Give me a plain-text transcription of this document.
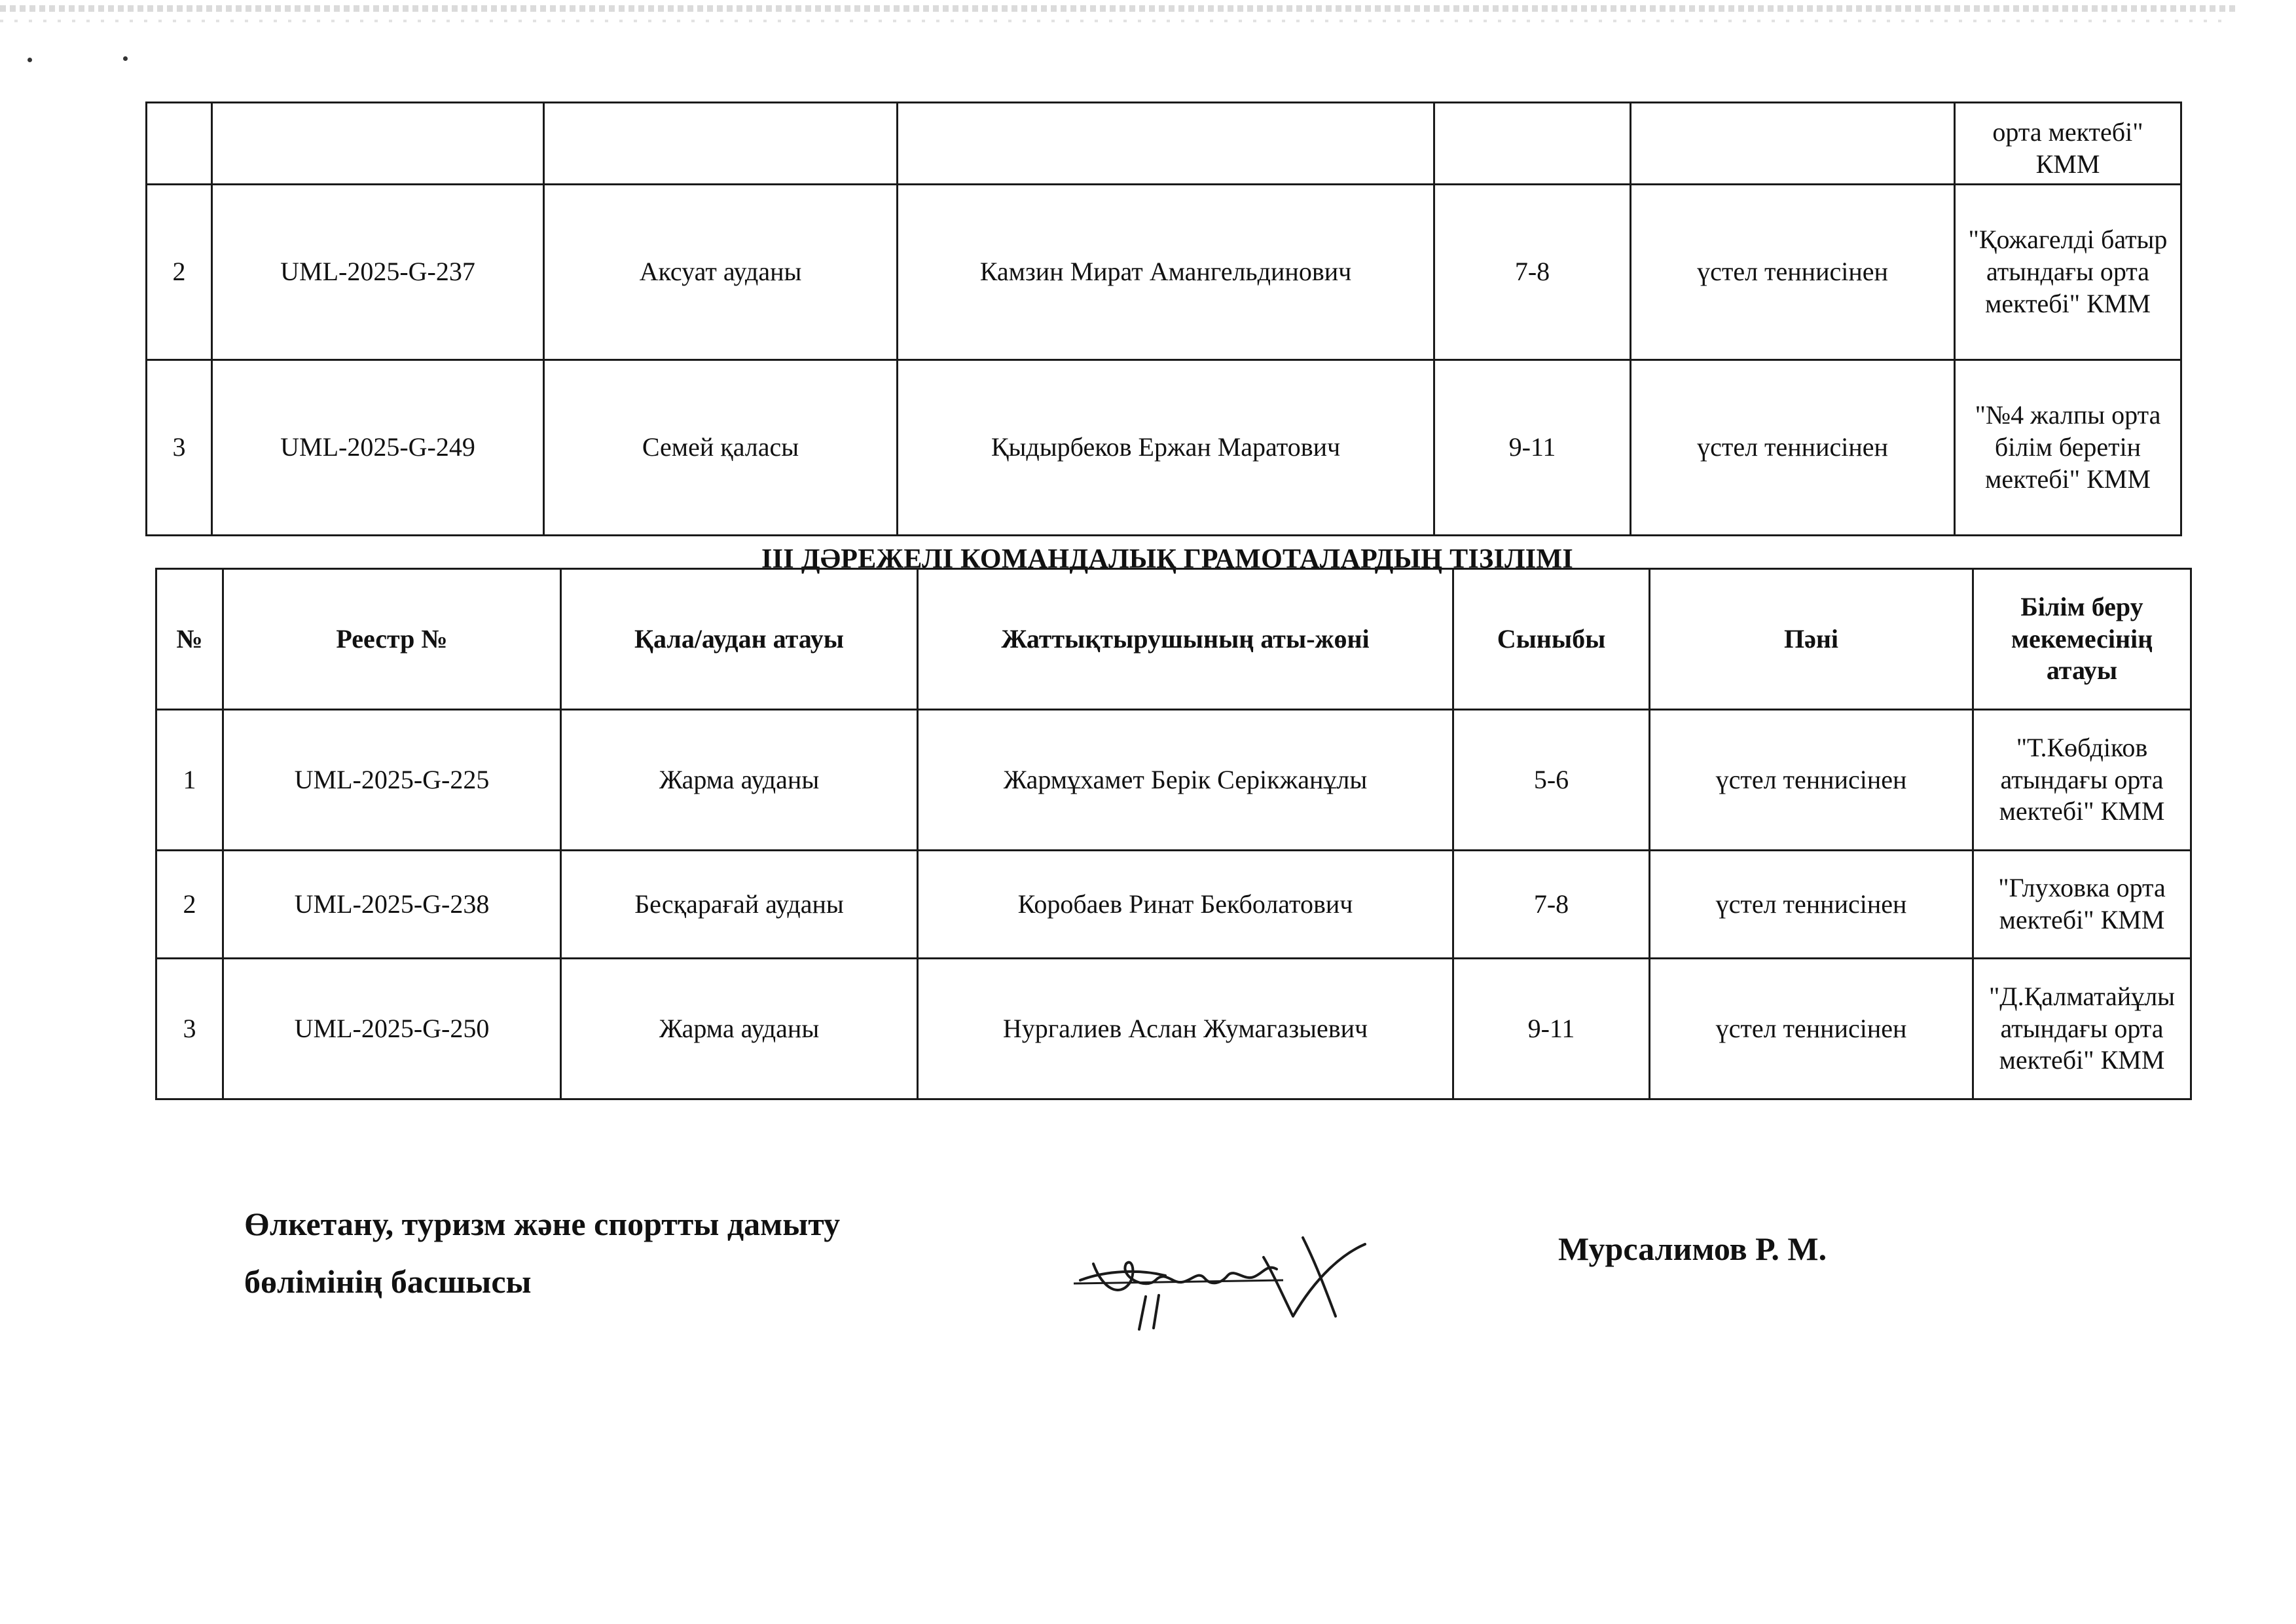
						орта мектебі" КММ
2	UML-2025-G-237	Аксуат ауданы	Камзин Мират Амангельдинович	7-8	үстел теннисінен	"Қожагелді батыр атындағы орта мектебі" КММ
3	UML-2025-G-249	Семей қаласы	Қыдырбеков Ержан Маратович	9-11	үстел теннисінен	"№4 жалпы орта білім беретін мектебі" КММ
III ДӘРЕЖЕЛІ КОМАНДАЛЫҚ ГРАМОТАЛАРДЫҢ ТІЗІЛІМІ
№	Реестр №	Қала/аудан атауы	Жаттықтырушының аты-жөні	Сыныбы	Пәні	Білім беру мекемесінің атауы
1	UML-2025-G-225	Жарма ауданы	Жармұхамет Берік Серікжанұлы	5-6	үстел теннисінен	"Т.Көбдіков атындағы орта мектебі" КММ
2	UML-2025-G-238	Бесқарағай ауданы	Коробаев Ринат Бекболатович	7-8	үстел теннисінен	"Глуховка орта мектебі" КММ
3	UML-2025-G-250	Жарма ауданы	Нургалиев Аслан Жумагазыевич	9-11	үстел теннисінен	"Д.Қалматайұлы атындағы орта мектебі" КММ
Өлкетану, туризм және спортты дамыту
бөлімінің басшысы
Мурсалимов Р. М.
